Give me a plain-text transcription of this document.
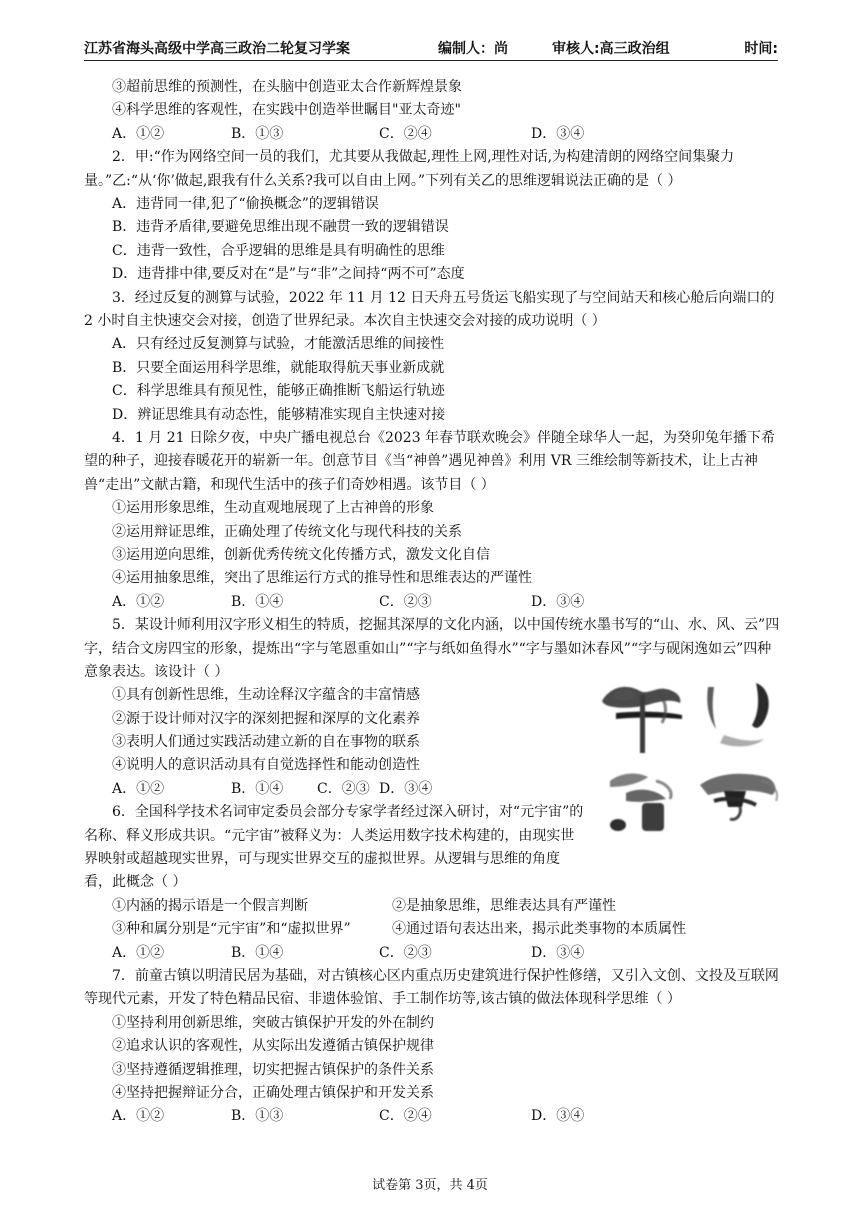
江苏省海头高级中学高三政治二轮复习学案	编制人：尚	审核人:高三政治组	时间:
③超前思维的预测性，在头脑中创造亚太合作新辉煌景象
④科学思维的客观性，在实践中创造举世瞩目"亚太奇迹"
A．①②	B．①③	C．②④	D．③④
2．甲:“作为网络空间一员的我们，尤其要从我做起,理性上网,理性对话,为构建清朗的网络空间集聚力量。”乙:“从‘你’做起,跟我有什么关系?我可以自由上网。”下列有关乙的思维逻辑说法正确的是（ ）
A．违背同一律,犯了“偷换概念”的逻辑错误
B．违背矛盾律,要避免思维出现不融贯一致的逻辑错误
C．违背一致性，合乎逻辑的思维是具有明确性的思维
D．违背排中律,要反对在“是”与“非”之间持“两不可”态度
3．经过反复的测算与试验，2022 年 11 月 12 日天舟五号货运飞船实现了与空间站天和核心舱后向端口的 2 小时自主快速交会对接，创造了世界纪录。本次自主快速交会对接的成功说明（ ）
A．只有经过反复测算与试验，才能激活思维的间接性
B．只要全面运用科学思维，就能取得航天事业新成就
C．科学思维具有预见性，能够正确推断飞船运行轨迹
D．辨证思维具有动态性，能够精准实现自主快速对接
4．1 月 21 日除夕夜，中央广播电视总台《2023 年春节联欢晚会》伴随全球华人一起，为癸卯兔年播下希望的种子，迎接春暖花开的崭新一年。创意节目《当“神兽”遇见神兽》利用 VR 三维绘制等新技术，让上古神兽“走出”文献古籍，和现代生活中的孩子们奇妙相遇。该节目（ ）
①运用形象思维，生动直观地展现了上古神兽的形象
②运用辩证思维，正确处理了传统文化与现代科技的关系
③运用逆向思维，创新优秀传统文化传播方式，激发文化自信
④运用抽象思维，突出了思维运行方式的推导性和思维表达的严谨性
A．①②	B．①④	C．②③	D．③④
5．某设计师利用汉字形义相生的特质，挖掘其深厚的文化内涵，以中国传统水墨书写的“山、水、风、云”四字，结合文房四宝的形象，提炼出“字与笔恩重如山”“字与纸如鱼得水”“字与墨如沐春风”“字与砚闲逸如云”四种意象表达。该设计（ ）
①具有创新性思维，生动诠释汉字蕴含的丰富情感
②源于设计师对汉字的深刻把握和深厚的文化素养
③表明人们通过实践活动建立新的自在事物的联系
④说明人的意识活动具有自觉选择性和能动创造性
A．①②	B．①④ C．②③ D．③④
6．全国科学技术名词审定委员会部分专家学者经过深入研讨，对“元宇宙”的名称、释义形成共识。“元宇宙”被释义为：人类运用数字技术构建的，由现实世界映射或超越现实世界，可与现实世界交互的虚拟世界。从逻辑与思维的角度看，此概念（ ）
①内涵的揭示语是一个假言判断	②是抽象思维，思维表达具有严谨性
③种和属分别是“元宇宙”和“虚拟世界”	④通过语句表达出来，揭示此类事物的本质属性
A．①②	B．①④	C．②③	D．③④
7．前童古镇以明清民居为基础，对古镇核心区内重点历史建筑进行保护性修缮，又引入文创、文投及互联网等现代元素，开发了特色精品民宿、非遗体验馆、手工制作坊等,该古镇的做法体现科学思维（ ）
①坚持利用创新思维，突破古镇保护开发的外在制约
②追求认识的客观性，从实际出发遵循古镇保护规律
③坚持遵循逻辑推理，切实把握古镇保护的条件关系
④坚持把握辩证分合，正确处理古镇保护和开发关系
A．①②	B．①③	C．②④	D．③④
试卷第 3页，共 4页
